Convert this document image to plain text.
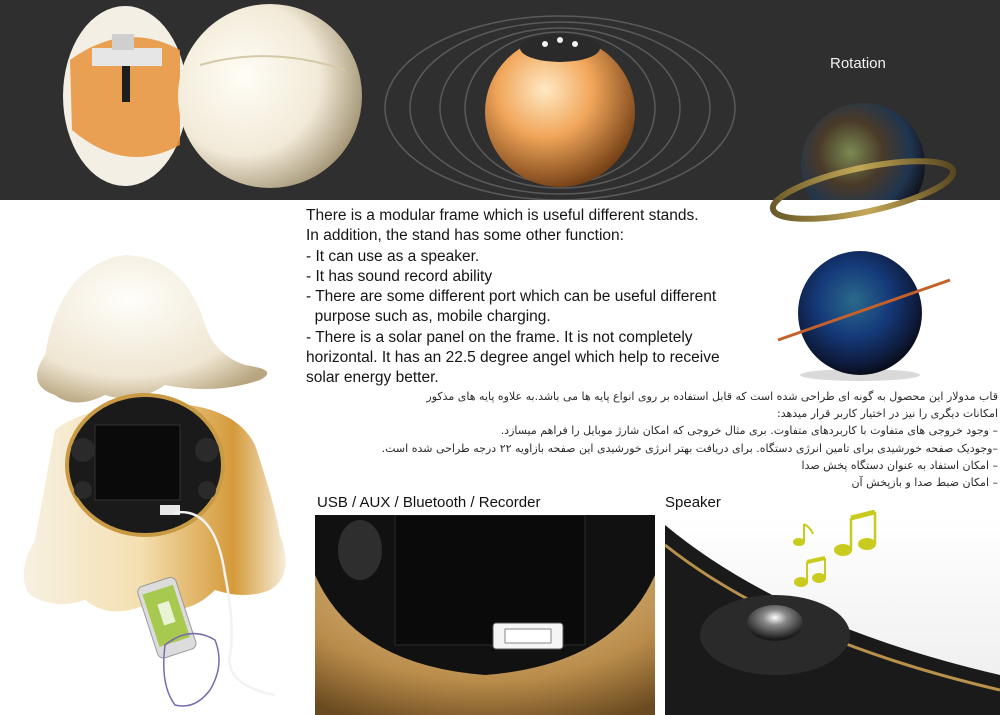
Rotation
There is a modular frame which is useful different stands.
In addition, the stand has some other function:
- It can use as a speaker.
- It has sound record ability
- There are some different port which can be useful different
purpose such as, mobile charging.
- There is a solar panel on the frame. It is not completely
horizontal. It has an 22.5 degree angel which help to receive
solar energy better.
قاب مدولار این محصول به گونه ای طراحی شده است که قابل استفاده بر روی انواع پایه ها می باشد.به علاوه پایه های مذکور
امکانات دیگری را نیز در اختیار کاربر قرار میدهد:
– وجود خروجی های متفاوت با کاربردهای متفاوت. بری مثال خروجی که امکان شارژ موبایل را فراهم میسازد.
–وجودیک صفحه خورشیدی برای تامین انرژی دستگاه. برای دریافت بهتر انرژی خورشیدی این صفحه بازاویه ۲۲ درجه طراحی شده است.
– امکان استفاد به عنوان دستگاه پخش صدا
– امکان ضبط صدا و بازپخش آن
USB / AUX / Bluetooth / Recorder	Speaker
